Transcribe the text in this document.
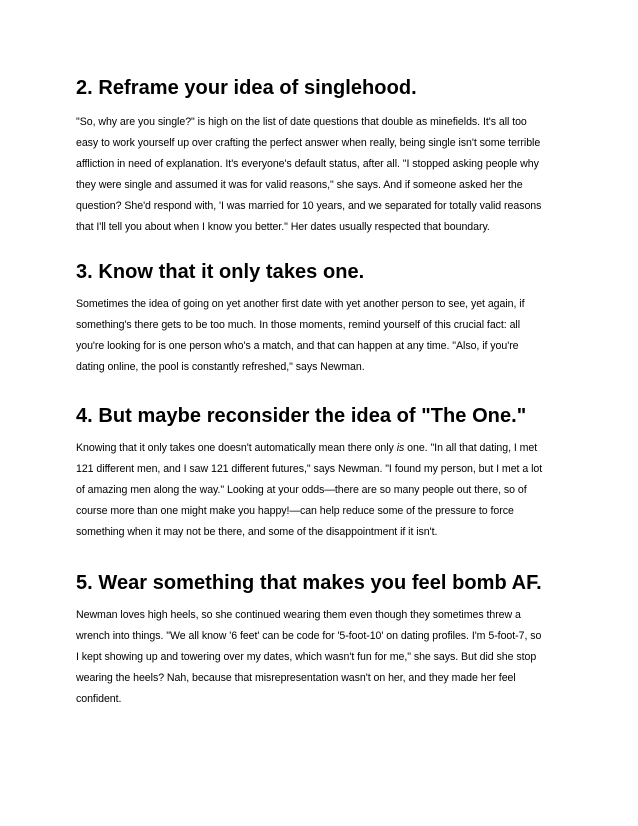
2. Reframe your idea of singlehood.

"So, why are you single?" is high on the list of date questions that double as minefields. It's all too
easy to work yourself up over crafting the perfect answer when really, being single isn't some terrible
affliction in need of explanation. It's everyone's default status, after all. "I stopped asking people why
they were single and assumed it was for valid reasons," she says. And if someone asked her the
question? She'd respond with, 'I was married for 10 years, and we separated for totally valid reasons
that I'll tell you about when I know you better." Her dates usually respected that boundary.

3. Know that it only takes one.

Sometimes the idea of going on yet another first date with yet another person to see, yet again, if
something's there gets to be too much. In those moments, remind yourself of this crucial fact: all
you're looking for is one person who's a match, and that can happen at any time. "Also, if you're
dating online, the pool is constantly refreshed," says Newman.

4. But maybe reconsider the idea of "The One."

Knowing that it only takes one doesn't automatically mean there only is one. "In all that dating, I met
121 different men, and I saw 121 different futures," says Newman. "I found my person, but I met a lot
of amazing men along the way." Looking at your odds—there are so many people out there, so of
course more than one might make you happy!—can help reduce some of the pressure to force
something when it may not be there, and some of the disappointment if it isn't.

5. Wear something that makes you feel bomb AF.

Newman loves high heels, so she continued wearing them even though they sometimes threw a
wrench into things. "We all know '6 feet' can be code for '5-foot-10' on dating profiles. I'm 5-foot-7, so
I kept showing up and towering over my dates, which wasn't fun for me," she says. But did she stop
wearing the heels? Nah, because that misrepresentation wasn't on her, and they made her feel
confident.
